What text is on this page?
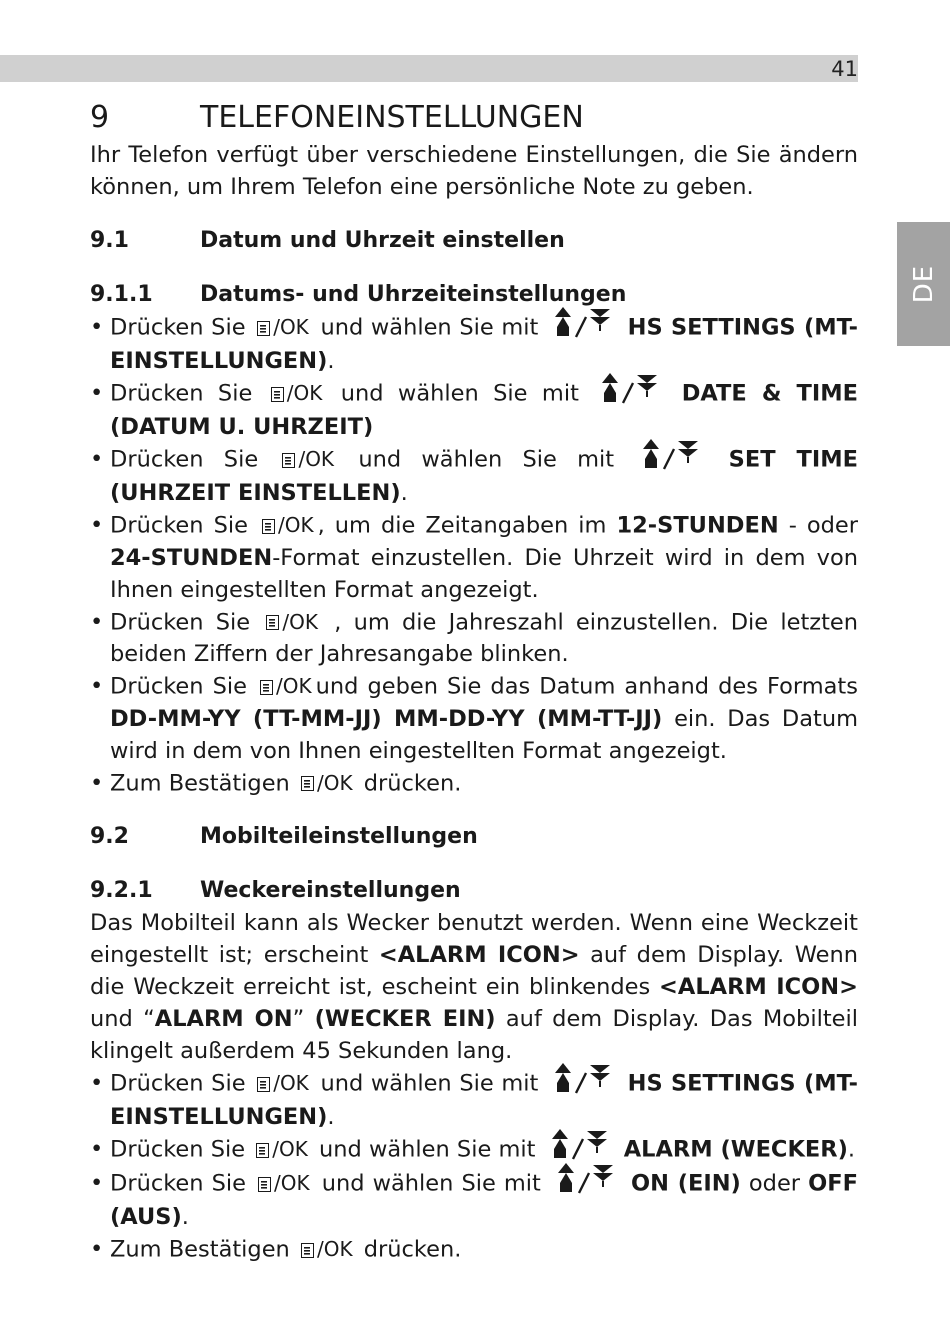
41
DE
9	TELEFONEINSTELLUNGEN

Ihr Telefon verfügt über verschiedene Einstellungen, die Sie ändern können, um Ihrem Telefon eine persönliche Note zu geben.

9.1	Datum und Uhrzeit einstellen
9.1.1	Datums- und Uhrzeiteinstellungen
• Drücken Sie /OK und wählen Sie mit	HS SETTINGS (MT-EINSTELLUNGEN).
• Drücken Sie /OK und wählen Sie mit	DATE & TIME (DATUM U. UHRZEIT)
• Drücken Sie /OK und wählen Sie mit	SET TIME (UHRZEIT EINSTELLEN).
• Drücken Sie /OK , um die Zeitangaben im 12-STUNDEN - oder 24-STUNDEN-Format einzustellen. Die Uhrzeit wird in dem von Ihnen eingestellten Format angezeigt.
• Drücken Sie /OK , um die Jahreszahl einzustellen. Die letzten beiden Ziffern der Jahresangabe blinken.
• Drücken Sie /OK und geben Sie das Datum anhand des Formats DD-MM-YY (TT-MM-JJ) MM-DD-YY (MM-TT-JJ) ein. Das Datum wird in dem von Ihnen eingestellten Format angezeigt.
• Zum Bestätigen /OK drücken.
9.2	Mobilteileinstellungen
9.2.1	Weckereinstellungen

Das Mobilteil kann als Wecker benutzt werden. Wenn eine Weckzeit eingestellt ist; erscheint <ALARM ICON> auf dem Display. Wenn die Weckzeit erreicht ist, escheint ein blinkendes <ALARM ICON> und “ALARM ON” (WECKER EIN) auf dem Display. Das Mobilteil klingelt außerdem 45 Sekunden lang.

• Drücken Sie /OK und wählen Sie mit	HS SETTINGS (MT-EINSTELLUNGEN).
• Drücken Sie /OK und wählen Sie mit	ALARM (WECKER).
• Drücken Sie /OK und wählen Sie mit	ON (EIN) oder OFF (AUS).
• Zum Bestätigen /OK drücken.
